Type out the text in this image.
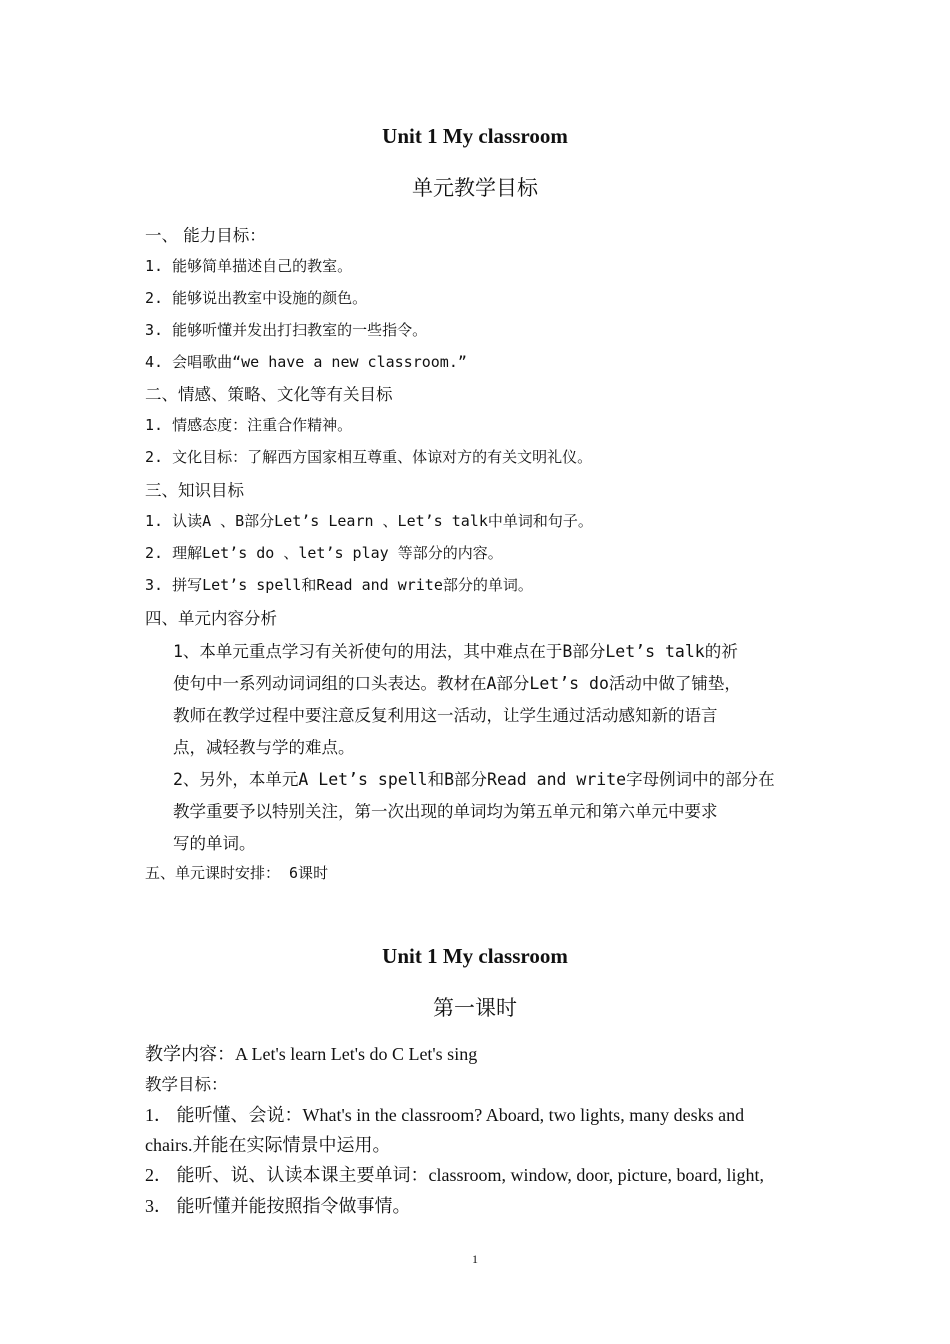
Unit 1 My classroom
单元教学目标
一、 能力目标：
1. 能够简单描述自己的教室。
2. 能够说出教室中设施的颜色。
3. 能够听懂并发出打扫教室的一些指令。
4. 会唱歌曲“we have a new classroom.”
二、情感、策略、文化等有关目标
1. 情感态度：注重合作精神。
2. 文化目标：了解西方国家相互尊重、体谅对方的有关文明礼仪。
三、知识目标
1. 认读A 、B部分Let’s Learn 、Let’s talk中单词和句子。
2. 理解Let’s do 、let’s play 等部分的内容。
3. 拼写Let’s spell和Read and write部分的单词。
四、单元内容分析
1、本单元重点学习有关祈使句的用法，其中难点在于B部分Let’s talk的祈
使句中一系列动词词组的口头表达。教材在A部分Let’s do活动中做了铺垫，
教师在教学过程中要注意反复利用这一活动，让学生通过活动感知新的语言
点，减轻教与学的难点。
2、另外，本单元A Let’s spell和B部分Read and write字母例词中的部分在
教学重要予以特别关注，第一次出现的单词均为第五单元和第六单元中要求
写的单词。
五、单元课时安排： 6课时
Unit 1 My classroom
第一课时
教学内容：A Let's learn Let's do C Let's sing
教学目标：
1． 能听懂、会说：What's in the classroom? Aboard, two lights, many desks and
chairs.并能在实际情景中运用。
2． 能听、说、认读本课主要单词：classroom, window, door, picture, board, light,
3． 能听懂并能按照指令做事情。
1
